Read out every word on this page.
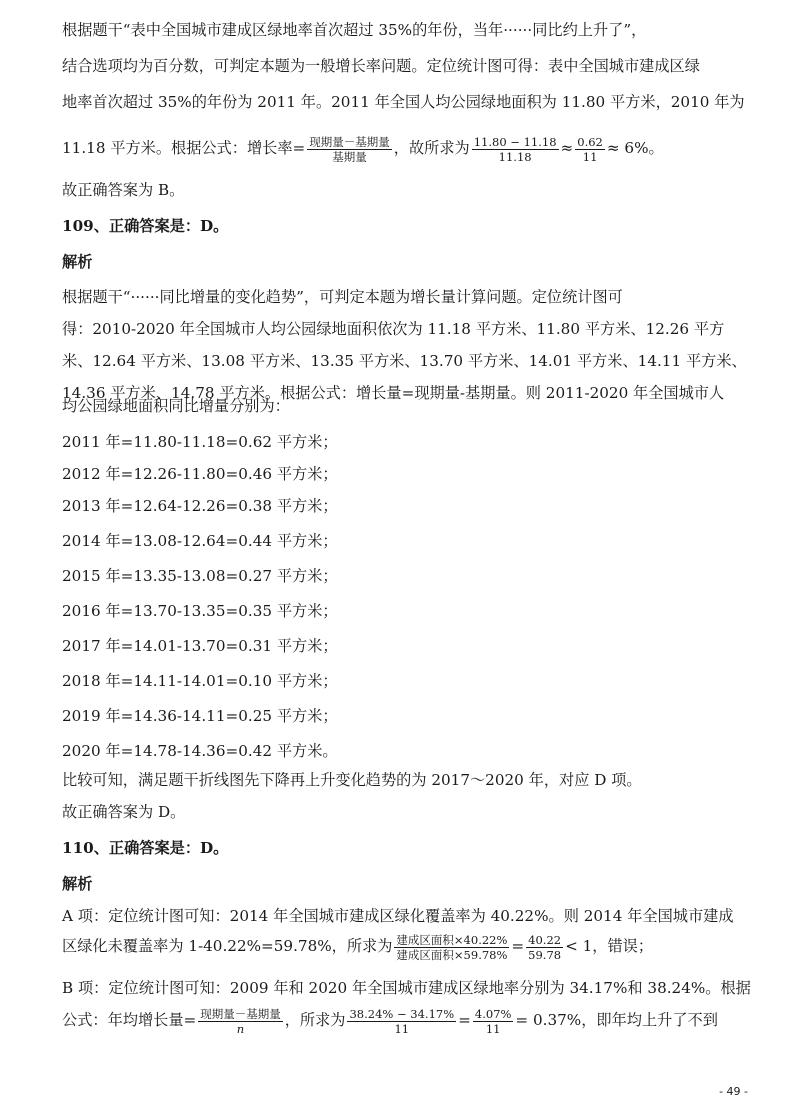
根据题干“表中全国城市建成区绿地率首次超过 35%的年份，当年······同比约上升了”，
结合选项均为百分数，可判定本题为一般增长率问题。定位统计图可得：表中全国城市建成区绿
地率首次超过 35%的年份为 2011 年。2011 年全国人均公园绿地面积为 11.80 平方米，2010 年为
11.18 平方米。根据公式：增长率= $\frac{\text{现期量－基期量}}{\text{基期量}}$ ，故所求为 $\frac{11.80 - 11.18}{11.18} \approx \frac{0.62}{11} \approx 6\%$。
故正确答案为 B。
109、正确答案是：D。
解析
根据题干“······同比增量的变化趋势”，可判定本题为增长量计算问题。定位统计图可
得：2010-2020 年全国城市人均公园绿地面积依次为 11.18 平方米、11.80 平方米、12.26 平方
米、12.64 平方米、13.08 平方米、13.35 平方米、13.70 平方米、14.01 平方米、14.11 平方米、
14.36 平方米、14.78 平方米。根据公式：增长量=现期量-基期量。则 2011-2020 年全国城市人
均公园绿地面积同比增量分别为：
2011 年=11.80-11.18=0.62 平方米；
2012 年=12.26-11.80=0.46 平方米；
2013 年=12.64-12.26=0.38 平方米；
2014 年=13.08-12.64=0.44 平方米；
2015 年=13.35-13.08=0.27 平方米；
2016 年=13.70-13.35=0.35 平方米；
2017 年=14.01-13.70=0.31 平方米；
2018 年=14.11-14.01=0.10 平方米；
2019 年=14.36-14.11=0.25 平方米；
2020 年=14.78-14.36=0.42 平方米。
比较可知，满足题干折线图先下降再上升变化趋势的为 2017～2020 年，对应 D 项。
故正确答案为 D。
110、正确答案是：D。
解析
A 项：定位统计图可知：2014 年全国城市建成区绿化覆盖率为 40.22%。则 2014 年全国城市建成
区绿化未覆盖率为 1-40.22%=59.78%，所求为 $\frac{\text{建成区面积×40.22\%}}{\text{建成区面积×59.78\%}} = \frac{40.22}{59.78} < 1$，错误；
B 项：定位统计图可知：2009 年和 2020 年全国城市建成区绿地率分别为 34.17%和 38.24%。根据
公式：年均增长量= $\frac{\text{现期量－基期量}}{n}$ ，所求为 $\frac{38.24\% - 34.17\%}{11} = \frac{4.07\%}{11} = 0.37\%$，即年均上升了不到
- 49 -
